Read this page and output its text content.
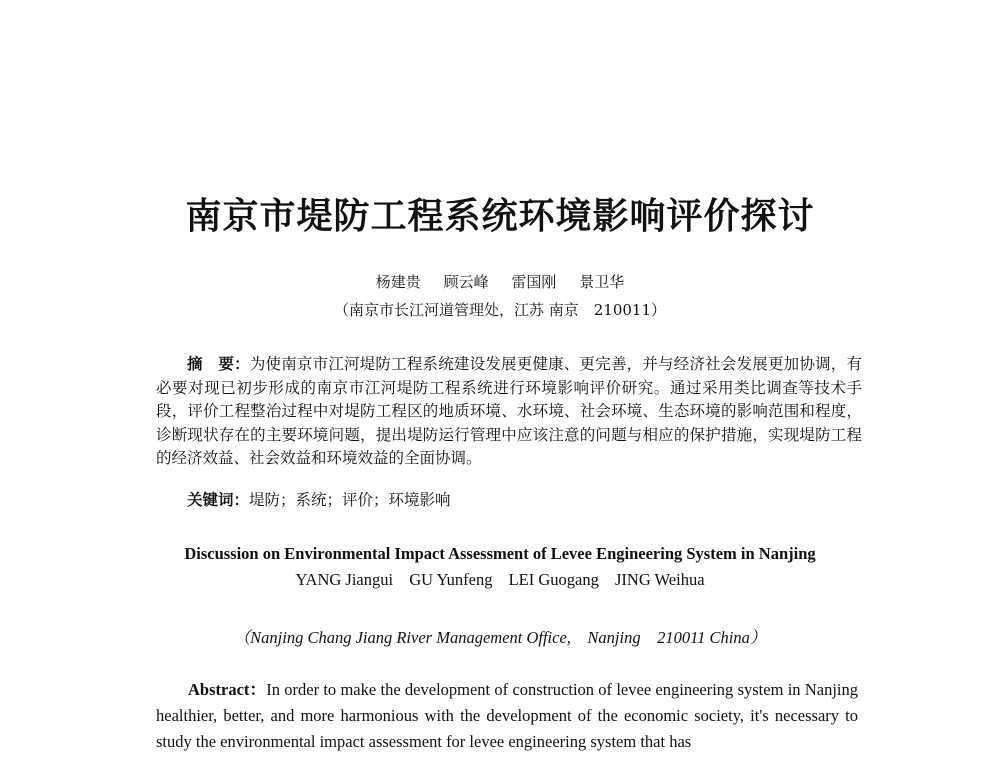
南京市堤防工程系统环境影响评价探讨
杨建贵 顾云峰 雷国刚 景卫华
（南京市长江河道管理处，江苏 南京　210011）
摘　要：为使南京市江河堤防工程系统建设发展更健康、更完善，并与经济社会发展更加协调，有必要对现已初步形成的南京市江河堤防工程系统进行环境影响评价研究。通过采用类比调查等技术手段，评价工程整治过程中对堤防工程区的地质环境、水环境、社会环境、生态环境的影响范围和程度，诊断现状存在的主要环境问题，提出堤防运行管理中应该注意的问题与相应的保护措施，实现堤防工程的经济效益、社会效益和环境效益的全面协调。
关键词：堤防；系统；评价；环境影响
Discussion on Environmental Impact Assessment of Levee Engineering System in Nanjing
YANG Jiangui GU Yunfeng LEI Guogang JING Weihua
（Nanjing Chang Jiang River Management Office,　Nanjing　210011 China）
Abstract：In order to make the development of construction of levee engineering system in Nanjing healthier, better, and more harmonious with the development of the economic society, it's necessary to study the environmental impact assessment for levee engineering system that has
